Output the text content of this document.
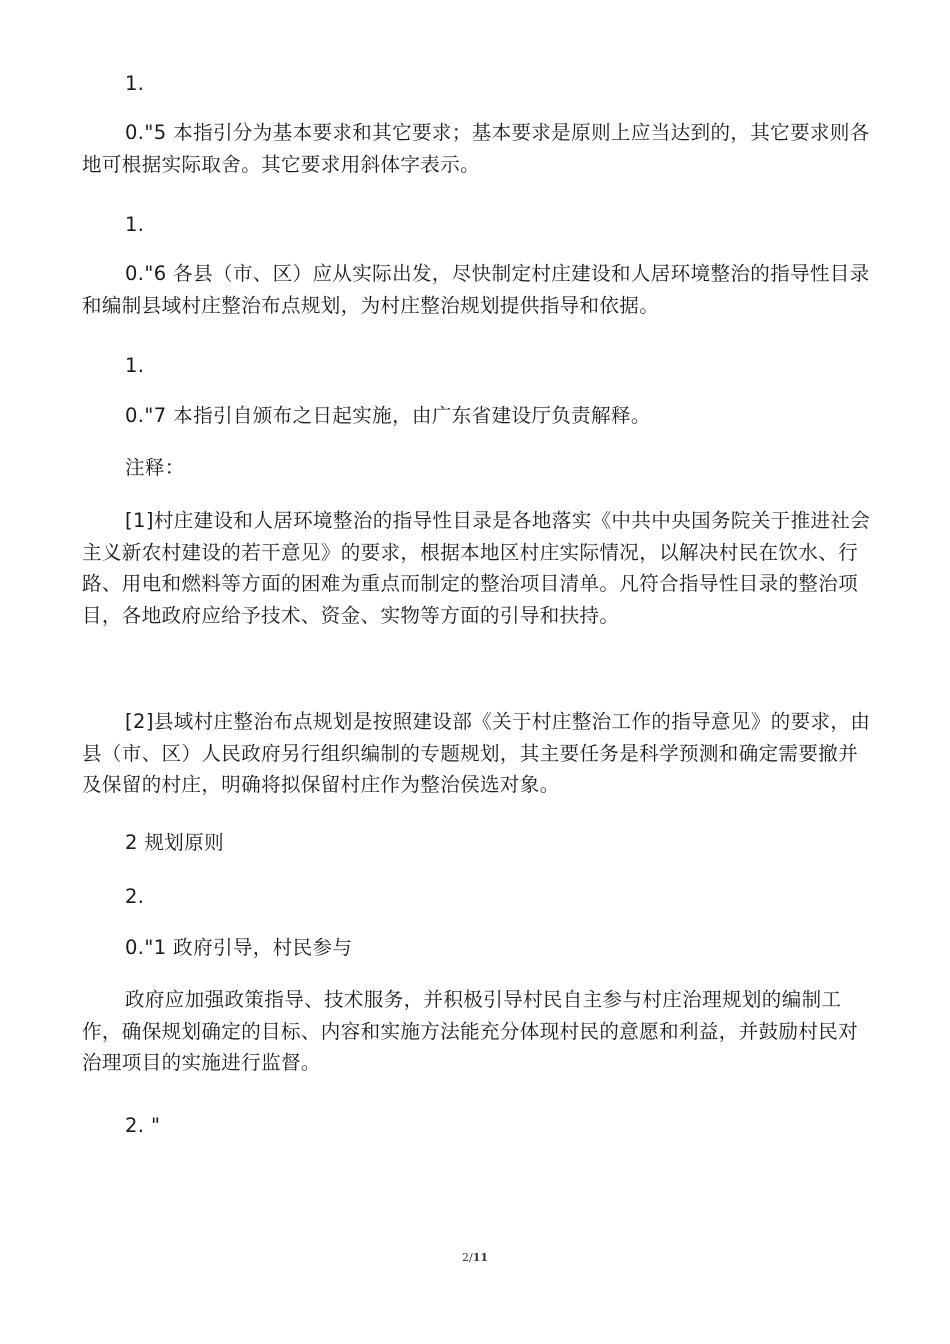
1.

0."5 本指引分为基本要求和其它要求；基本要求是原则上应当达到的，其它要求则各地可根据实际取舍。其它要求用斜体字表示。

1.

0."6 各县（市、区）应从实际出发，尽快制定村庄建设和人居环境整治的指导性目录和编制县域村庄整治布点规划，为村庄整治规划提供指导和依据。

1.

0."7 本指引自颁布之日起实施，由广东省建设厅负责解释。

注释：

[1]村庄建设和人居环境整治的指导性目录是各地落实《中共中央国务院关于推进社会主义新农村建设的若干意见》的要求，根据本地区村庄实际情况，以解决村民在饮水、行路、用电和燃料等方面的困难为重点而制定的整治项目清单。凡符合指导性目录的整治项目，各地政府应给予技术、资金、实物等方面的引导和扶持。

[2]县域村庄整治布点规划是按照建设部《关于村庄整治工作的指导意见》的要求，由县（市、区）人民政府另行组织编制的专题规划，其主要任务是科学预测和确定需要撤并及保留的村庄，明确将拟保留村庄作为整治侯选对象。

2 规划原则

2.

0."1 政府引导，村民参与

政府应加强政策指导、技术服务，并积极引导村民自主参与村庄治理规划的编制工作，确保规划确定的目标、内容和实施方法能充分体现村民的意愿和利益，并鼓励村民对治理项目的实施进行监督。

2. "

2/11
